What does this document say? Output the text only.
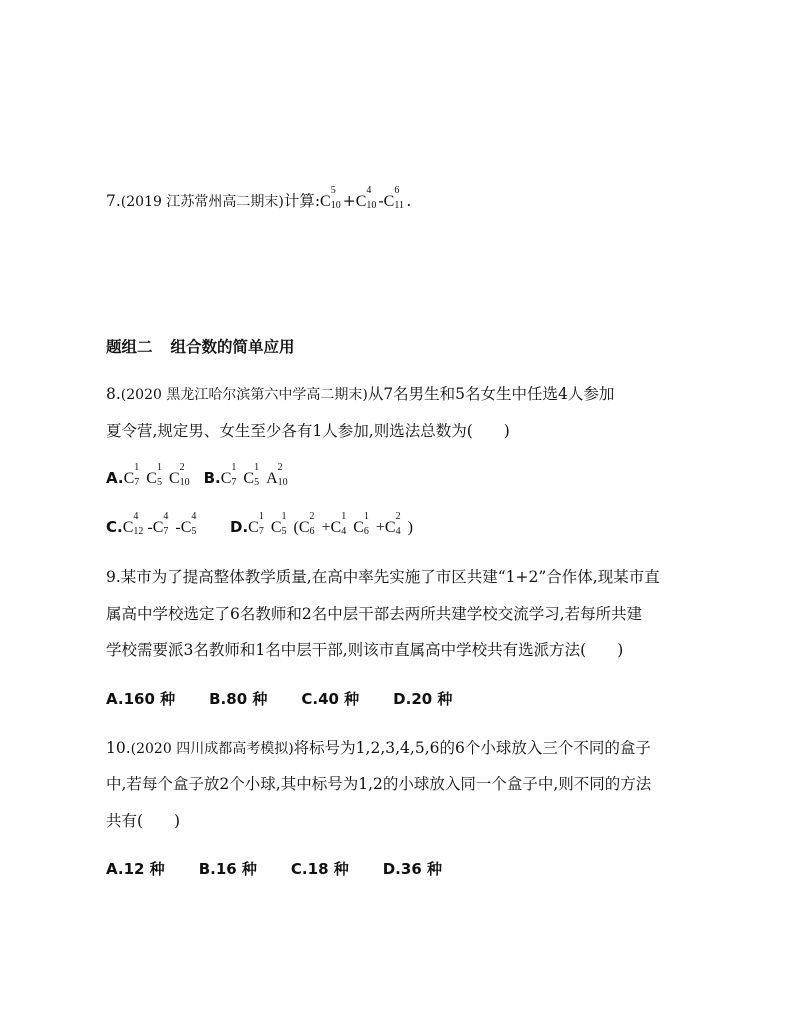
7.(2019 江苏常州高二期末)计算:C
5
10 +C
4
10 -C
6
11 .
题组二 组合数的简单应用
8.(2020 黑龙江哈尔滨第六中学高二期末)从7名男生和5名女生中任选4人参加
夏令营,规定男、女生至少各有1人参加,则选法总数为(　　)
A.C
1
7 C
1
5 C
2
10 B.C
1
7 C
1
5 A
2
10
C.C
4
12 -C
4
7 -C
4
5 D.C
1
7 C
1
5 (C
2
6 +C
1
4 C
1
6 +C
2
4 )
9.某市为了提高整体教学质量,在高中率先实施了市区共建“1+2”合作体,现某市直
属高中学校选定了6名教师和2名中层干部去两所共建学校交流学习,若每所共建
学校需要派3名教师和1名中层干部,则该市直属高中学校共有选派方法(　　)
A.160 种 B.80 种 C.40 种 D.20 种
10.(2020 四川成都高考模拟)将标号为1,2,3,4,5,6的6个小球放入三个不同的盒子
中,若每个盒子放2个小球,其中标号为1,2的小球放入同一个盒子中,则不同的方法
共有(　　)
A.12 种 B.16 种 C.18 种 D.36 种
